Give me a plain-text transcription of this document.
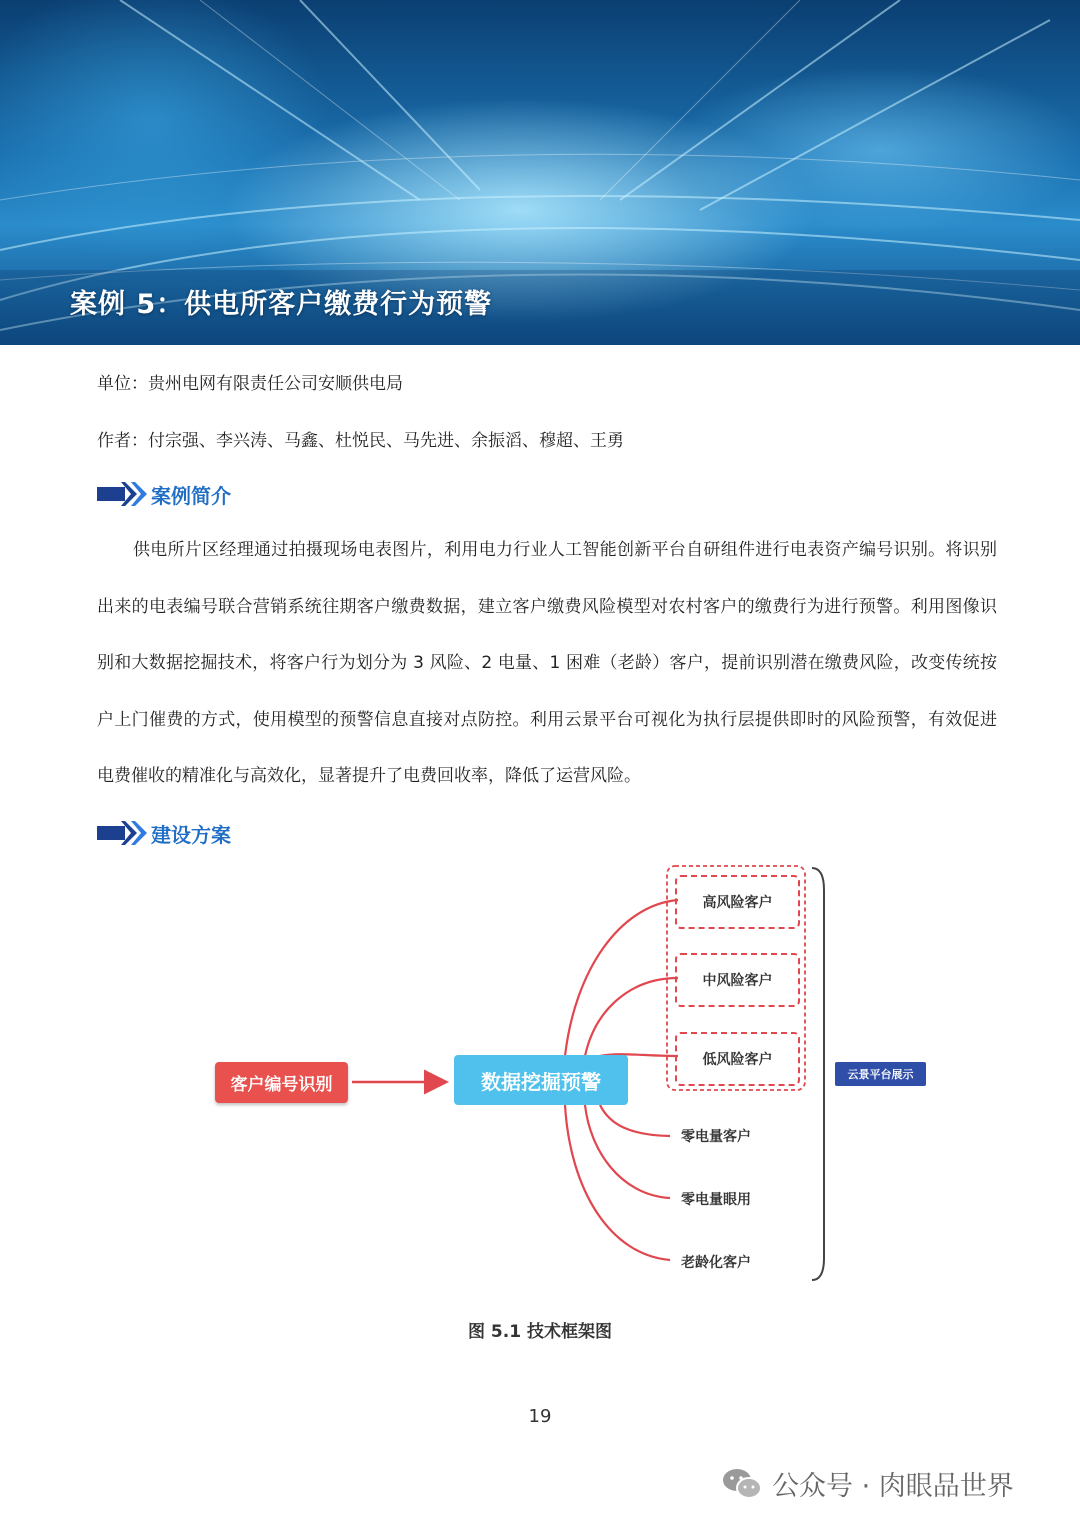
案例 5：供电所客户缴费行为预警
单位：贵州电网有限责任公司安顺供电局
作者：付宗强、李兴涛、马鑫、杜悦民、马先进、余振滔、穆超、王勇
案例简介
供电所片区经理通过拍摄现场电表图片，利用电力行业人工智能创新平台自研组件进行电表资产编号识别。将识别出来的电表编号联合营销系统往期客户缴费数据，建立客户缴费风险模型对农村客户的缴费行为进行预警。利用图像识别和大数据挖掘技术，将客户行为划分为 3 风险、2 电量、1 困难（老龄）客户，提前识别潜在缴费风险，改变传统按户上门催费的方式，使用模型的预警信息直接对点防控。利用云景平台可视化为执行层提供即时的风险预警，有效促进电费催收的精准化与高效化，显著提升了电费回收率，降低了运营风险。
建设方案
客户编号识别	数据挖掘预警
高风险客户
中风险客户
低风险客户
零电量客户
零电量眼用
老龄化客户
云景平台展示
图 5.1 技术框架图
19
公众号 · 肉眼品世界
